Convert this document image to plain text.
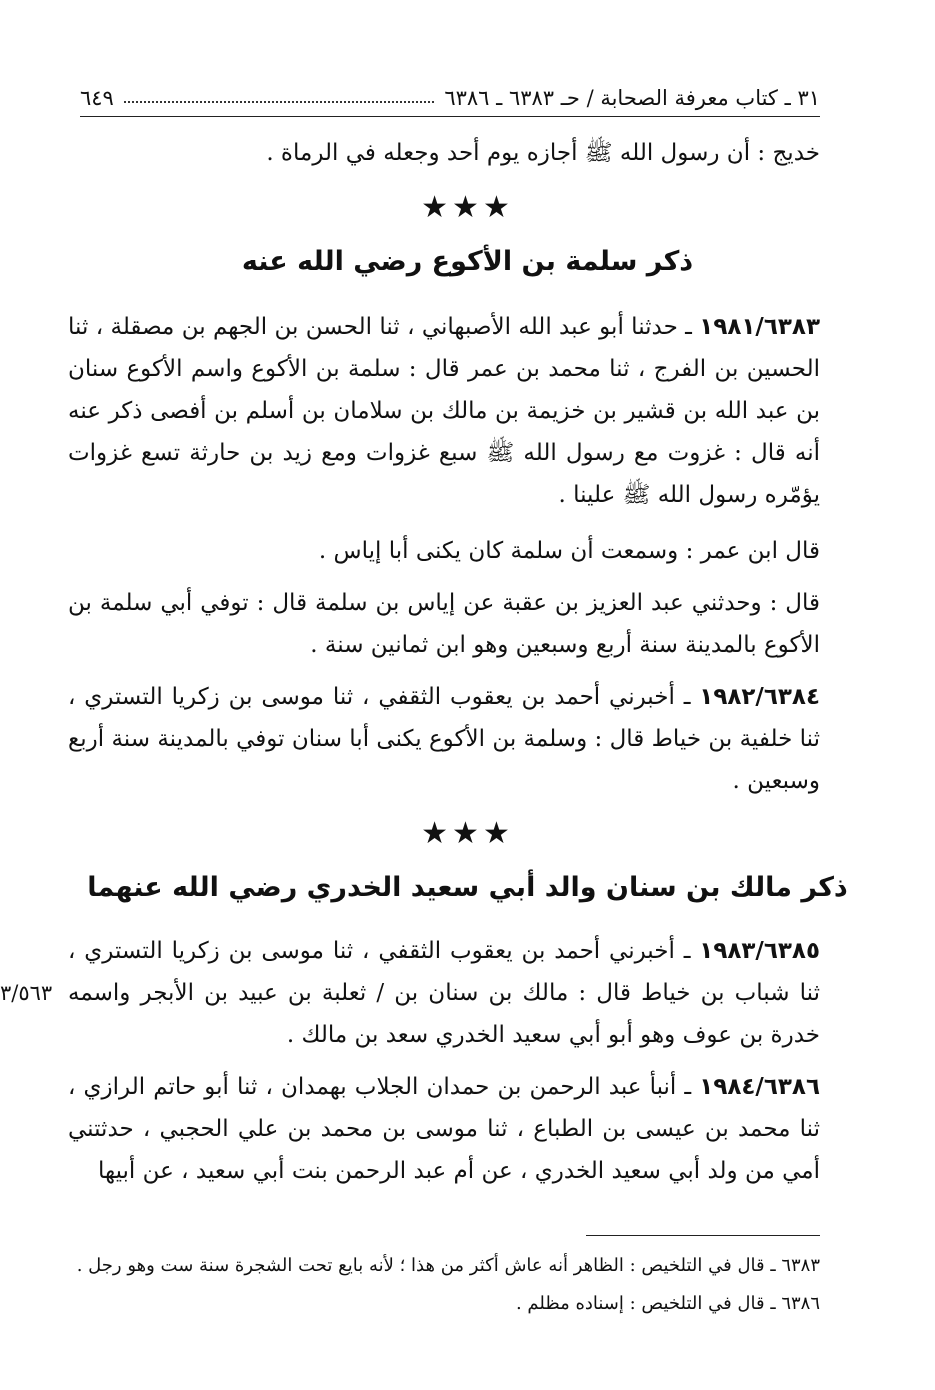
٣١ ـ كتاب معرفة الصحابة / حـ ٦٣٨٣ ـ ٦٣٨٦
٦٤٩
خديج : أن رسول الله ﷺ أجازه يوم أحد وجعله في الرماة .
★★★
ذكر سلمة بن الأكوع رضي الله عنه
١٩٨١/٦٣٨٣ ـ حدثنا أبو عبد الله الأصبهاني ، ثنا الحسن بن الجهم بن مصقلة ، ثنا الحسين بن الفرج ، ثنا محمد بن عمر قال : سلمة بن الأكوع واسم الأكوع سنان بن عبد الله بن قشير بن خزيمة بن مالك بن سلامان بن أسلم بن أفصى ذكر عنه أنه قال : غزوت مع رسول الله ﷺ سبع غزوات ومع زيد بن حارثة تسع غزوات يؤمّره رسول الله ﷺ علينا .
قال ابن عمر : وسمعت أن سلمة كان يكنى أبا إياس .
قال : وحدثني عبد العزيز بن عقبة عن إياس بن سلمة قال : توفي أبي سلمة بن الأكوع بالمدينة سنة أربع وسبعين وهو ابن ثمانين سنة .
١٩٨٢/٦٣٨٤ ـ أخبرني أحمد بن يعقوب الثقفي ، ثنا موسى بن زكريا التستري ، ثنا خلفية بن خياط قال : وسلمة بن الأكوع يكنى أبا سنان توفي بالمدينة سنة أربع وسبعين .
★★★
ذكر مالك بن سنان والد أبي سعيد الخدري رضي الله عنهما
١٩٨٣/٦٣٨٥ ـ أخبرني أحمد بن يعقوب الثقفي ، ثنا موسى بن زكريا التستري ، ثنا شباب بن خياط قال : مالك بن سنان بن / ثعلبة بن عبيد بن الأبجر واسمه خدرة بن عوف وهو أبو أبي سعيد الخدري سعد بن مالك .
٣/٥٦٣
١٩٨٤/٦٣٨٦ ـ أنبأ عبد الرحمن بن حمدان الجلاب بهمدان ، ثنا أبو حاتم الرازي ، ثنا محمد بن عيسى بن الطباع ، ثنا موسى بن محمد بن علي الحجبي ، حدثتني أمي من ولد أبي سعيد الخدري ، عن أم عبد الرحمن بنت أبي سعيد ، عن أبيها
٦٣٨٣ ـ قال في التلخيص : الظاهر أنه عاش أكثر من هذا ؛ لأنه بايع تحت الشجرة سنة ست وهو رجل .
٦٣٨٦ ـ قال في التلخيص : إسناده مظلم .
